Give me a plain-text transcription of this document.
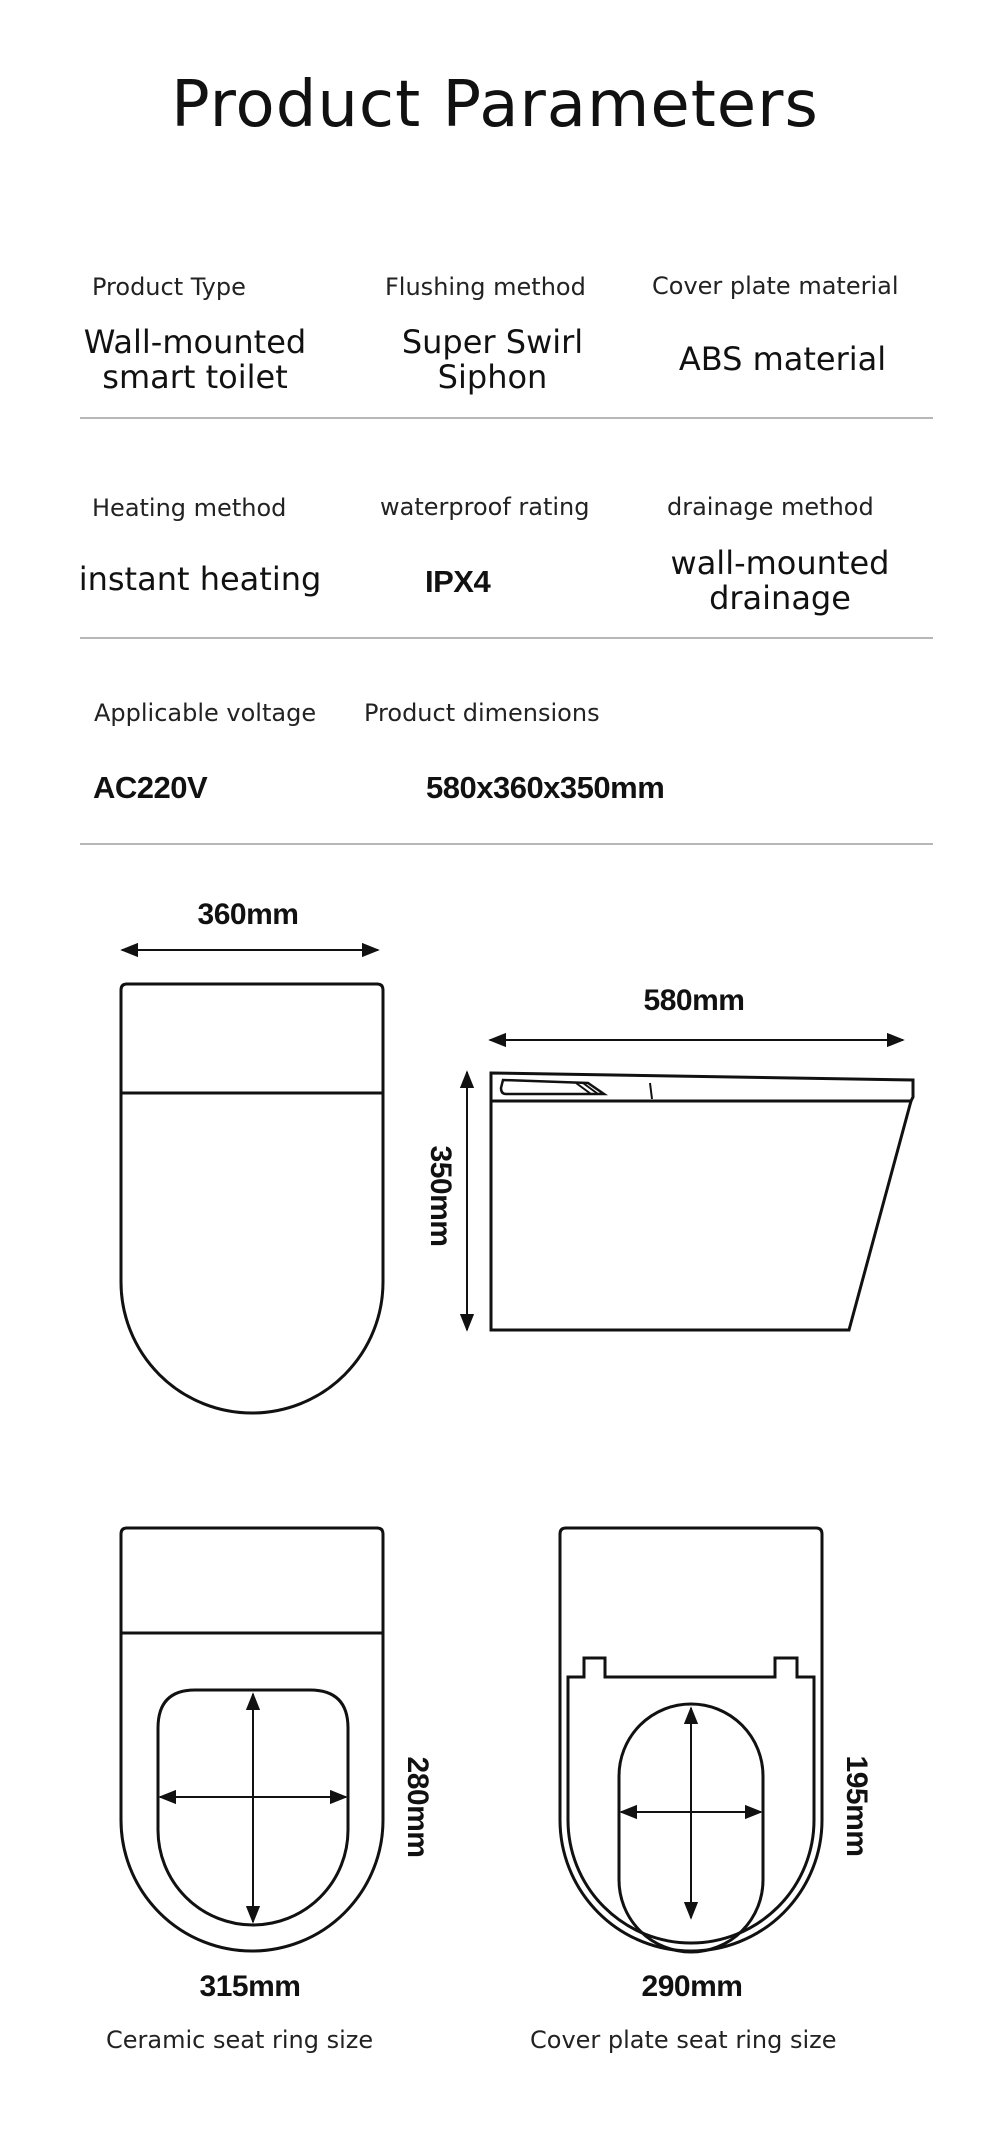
Product Parameters
Product Type
Wall-mounted
smart toilet
Flushing method
Super Swirl
Siphon
Cover plate material
ABS material
Heating method
instant heating
waterproof rating
IPX4
drainage method
wall-mounted
drainage
Applicable voltage
AC220V
Product dimensions
580x360x350mm
360mm
580mm
350mm
315mm
280mm
290mm
195mm
Ceramic seat ring size	Cover plate seat ring size
